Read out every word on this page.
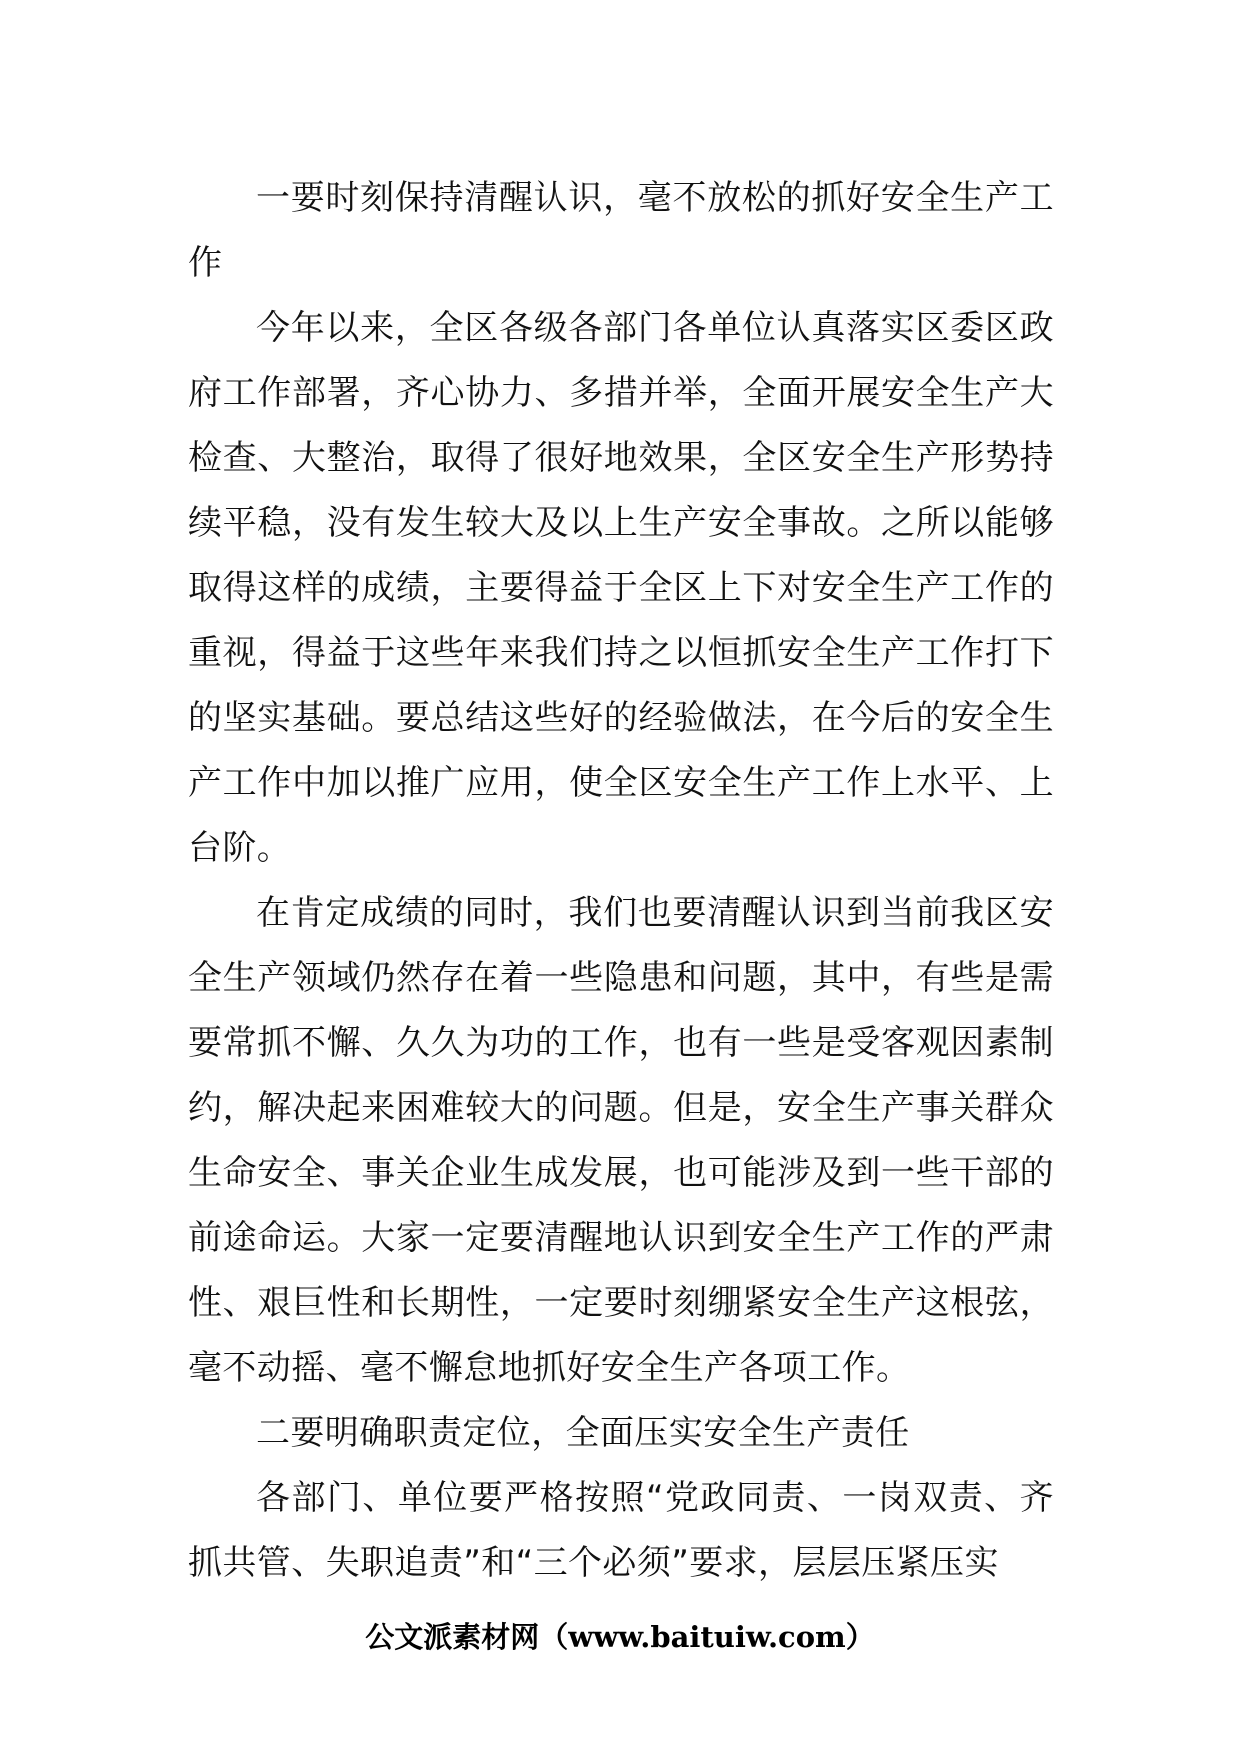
一要时刻保持清醒认识，毫不放松的抓好安全生产工作

今年以来，全区各级各部门各单位认真落实区委区政府工作部署，齐心协力、多措并举，全面开展安全生产大检查、大整治，取得了很好地效果，全区安全生产形势持续平稳，没有发生较大及以上生产安全事故。之所以能够取得这样的成绩，主要得益于全区上下对安全生产工作的重视，得益于这些年来我们持之以恒抓安全生产工作打下的坚实基础。要总结这些好的经验做法，在今后的安全生产工作中加以推广应用，使全区安全生产工作上水平、上台阶。

在肯定成绩的同时，我们也要清醒认识到当前我区安全生产领域仍然存在着一些隐患和问题，其中，有些是需要常抓不懈、久久为功的工作，也有一些是受客观因素制约，解决起来困难较大的问题。但是，安全生产事关群众生命安全、事关企业生成发展，也可能涉及到一些干部的前途命运。大家一定要清醒地认识到安全生产工作的严肃性、艰巨性和长期性，一定要时刻绷紧安全生产这根弦，毫不动摇、毫不懈怠地抓好安全生产各项工作。

二要明确职责定位，全面压实安全生产责任

各部门、单位要严格按照“党政同责、一岗双责、齐抓共管、失职追责”和“三个必须”要求，层层压紧压实

公文派素材网（www.baituiw.com）
